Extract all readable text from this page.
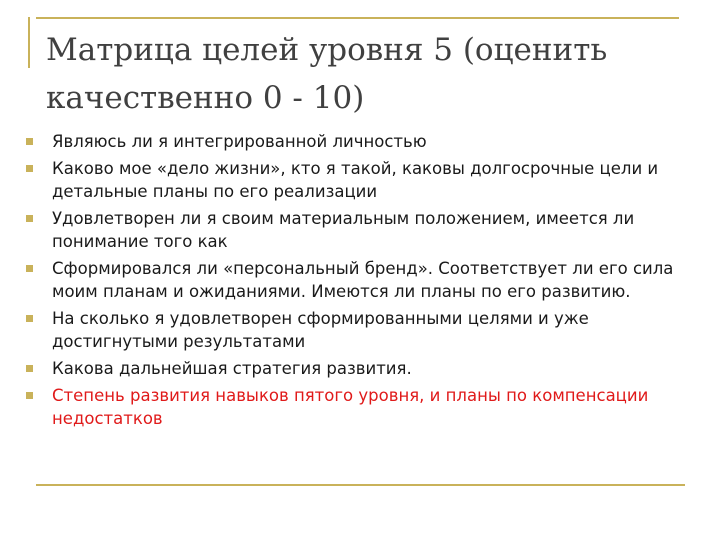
Матрица целей уровня 5 (оценить
качественно 0 - 10)
Являюсь ли я интегрированной личностью
Каково мое «дело жизни», кто я такой, каковы долгосрочные цели и детальные планы по его реализации
Удовлетворен ли я своим материальным положением, имеется ли понимание того как
Сформировался ли «персональный бренд». Соответствует ли его сила моим планам и ожиданиями. Имеются ли планы по его развитию.
На сколько я удовлетворен сформированными целями и уже достигнутыми результатами
Какова дальнейшая стратегия развития.
Степень развития навыков пятого уровня, и планы по компенсации недостатков
